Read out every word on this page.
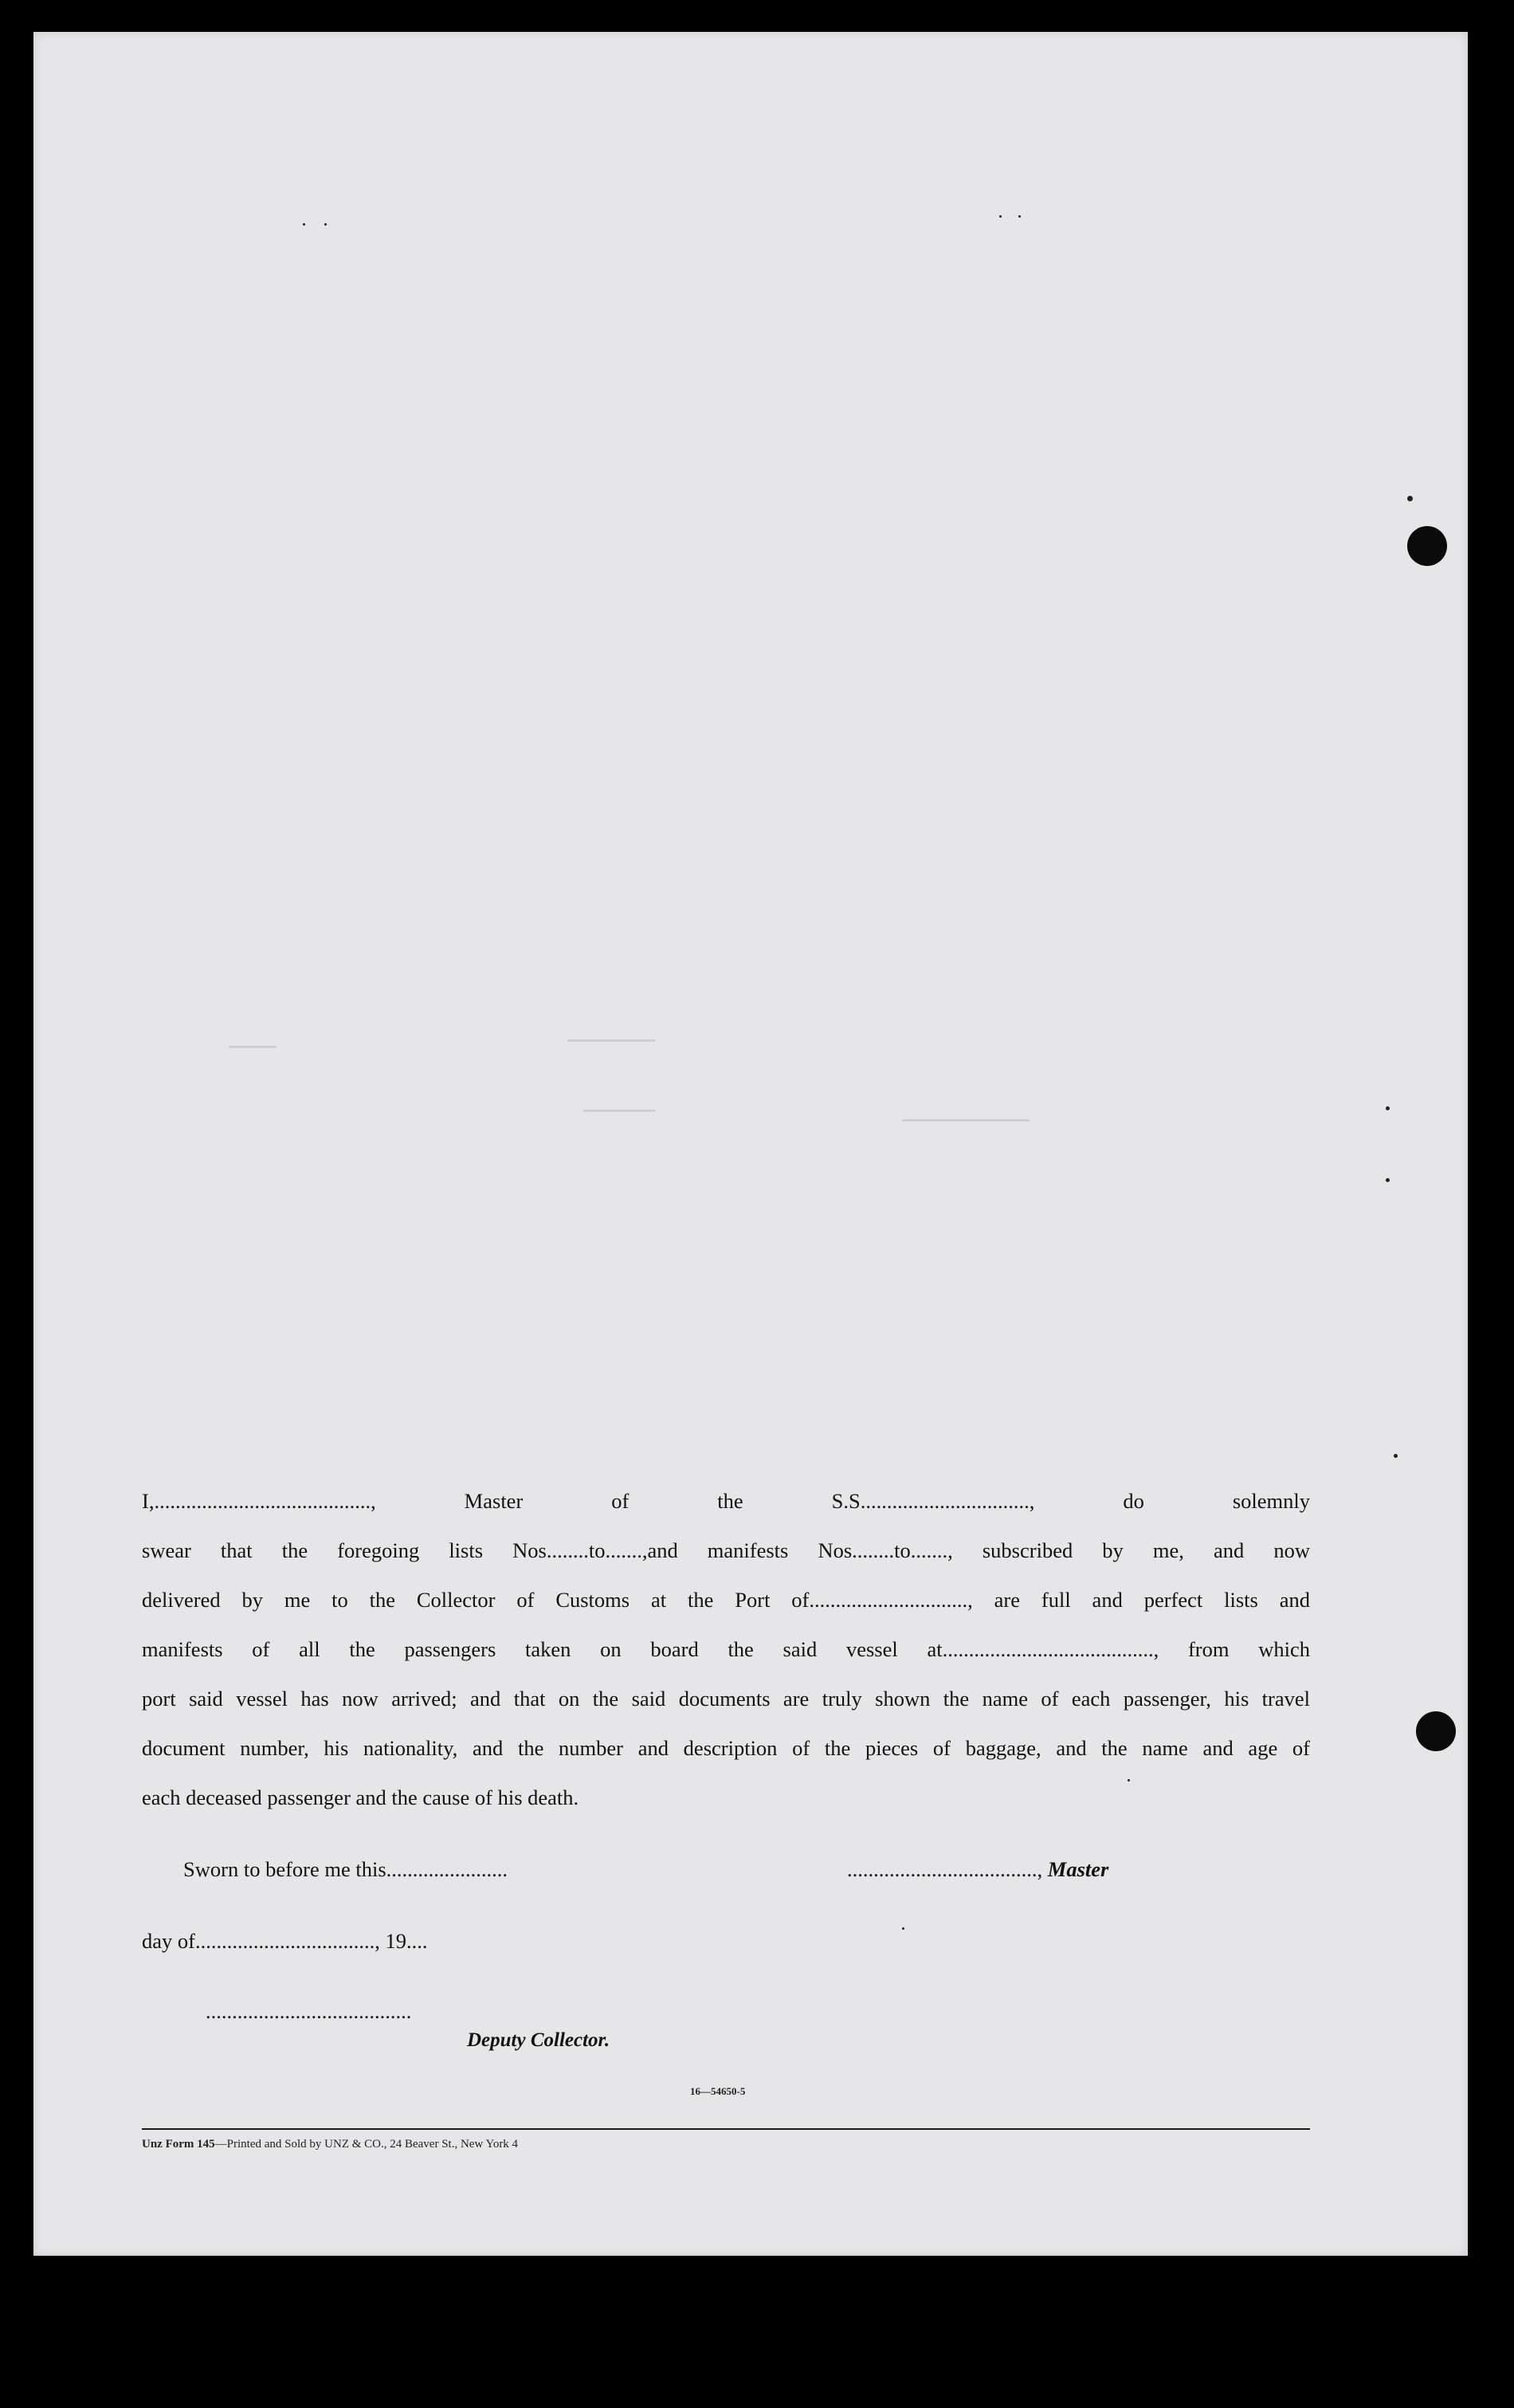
I,........................................., Master of the S.S................................, do solemnly
swear that the foregoing lists Nos........to.......,and manifests Nos........to......., subscribed by me, and now
delivered by me to the Collector of Customs at the Port of.............................., are full and perfect lists and
manifests of all the passengers taken on board the said vessel at........................................, from which
port said vessel has now arrived; and that on the said documents are truly shown the name of each passenger, his travel
document number, his nationality, and the number and description of the pieces of baggage, and the name and age of
each deceased passenger and the cause of his death.
Sworn to before me this.......................	...................................., Master
day of.................................., 19....
.......................................
Deputy Collector.
16—54650-5
Unz Form 145—Printed and Sold by UNZ & CO., 24 Beaver St., New York 4
